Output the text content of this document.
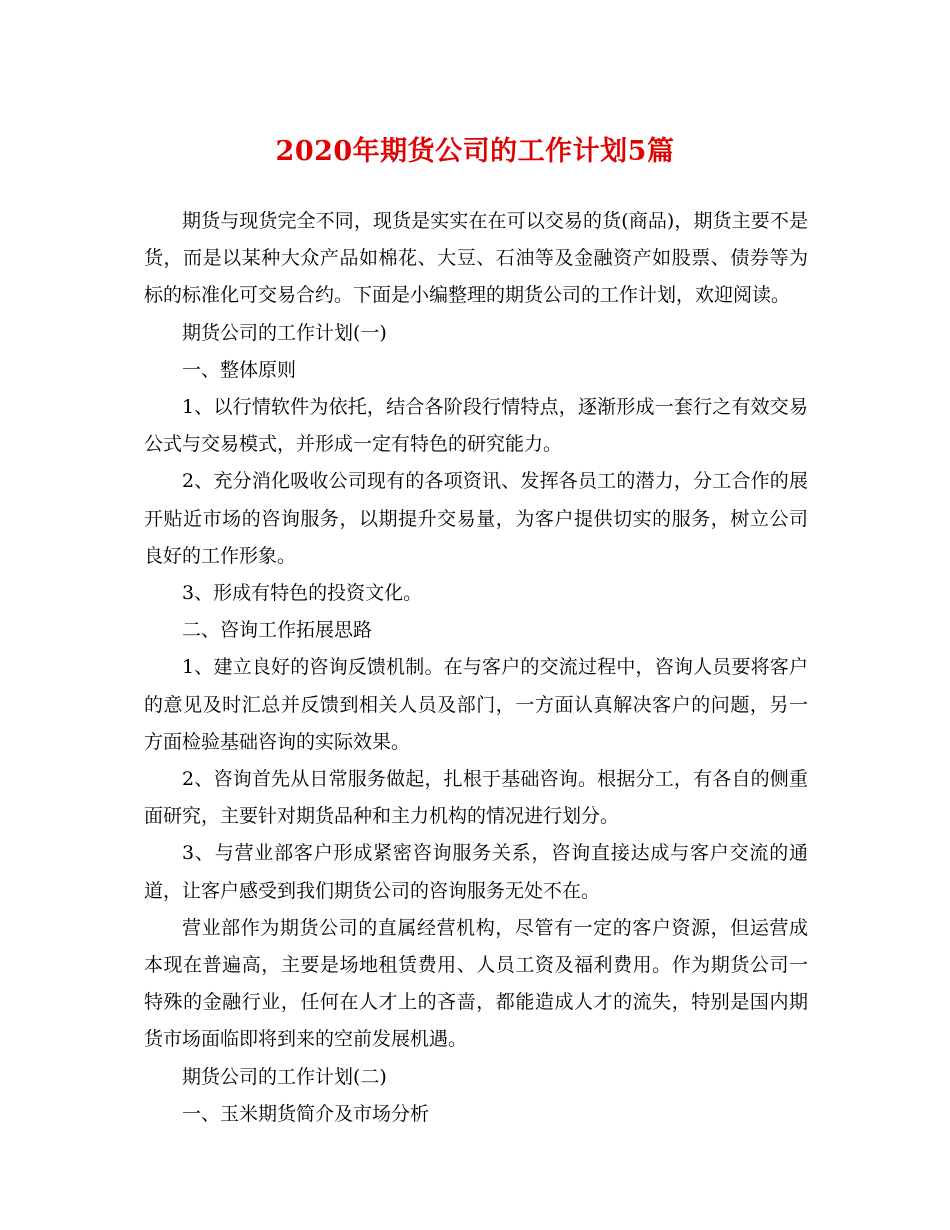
2020年期货公司的工作计划5篇

期货与现货完全不同，现货是实实在在可以交易的货(商品)，期货主要不是货，而是以某种大众产品如棉花、大豆、石油等及金融资产如股票、债券等为标的标准化可交易合约。下面是小编整理的期货公司的工作计划，欢迎阅读。

期货公司的工作计划(一)

一、整体原则

1、以行情软件为依托，结合各阶段行情特点，逐渐形成一套行之有效交易公式与交易模式，并形成一定有特色的研究能力。

2、充分消化吸收公司现有的各项资讯、发挥各员工的潜力，分工合作的展开贴近市场的咨询服务，以期提升交易量，为客户提供切实的服务，树立公司良好的工作形象。

3、形成有特色的投资文化。

二、咨询工作拓展思路

1、建立良好的咨询反馈机制。在与客户的交流过程中，咨询人员要将客户的意见及时汇总并反馈到相关人员及部门，一方面认真解决客户的问题，另一方面检验基础咨询的实际效果。

2、咨询首先从日常服务做起，扎根于基础咨询。根据分工，有各自的侧重面研究，主要针对期货品种和主力机构的情况进行划分。

3、与营业部客户形成紧密咨询服务关系，咨询直接达成与客户交流的通道，让客户感受到我们期货公司的咨询服务无处不在。

营业部作为期货公司的直属经营机构，尽管有一定的客户资源，但运营成本现在普遍高，主要是场地租赁费用、人员工资及福利费用。作为期货公司一特殊的金融行业，任何在人才上的吝啬，都能造成人才的流失，特别是国内期货市场面临即将到来的空前发展机遇。

期货公司的工作计划(二)

一、玉米期货简介及市场分析
